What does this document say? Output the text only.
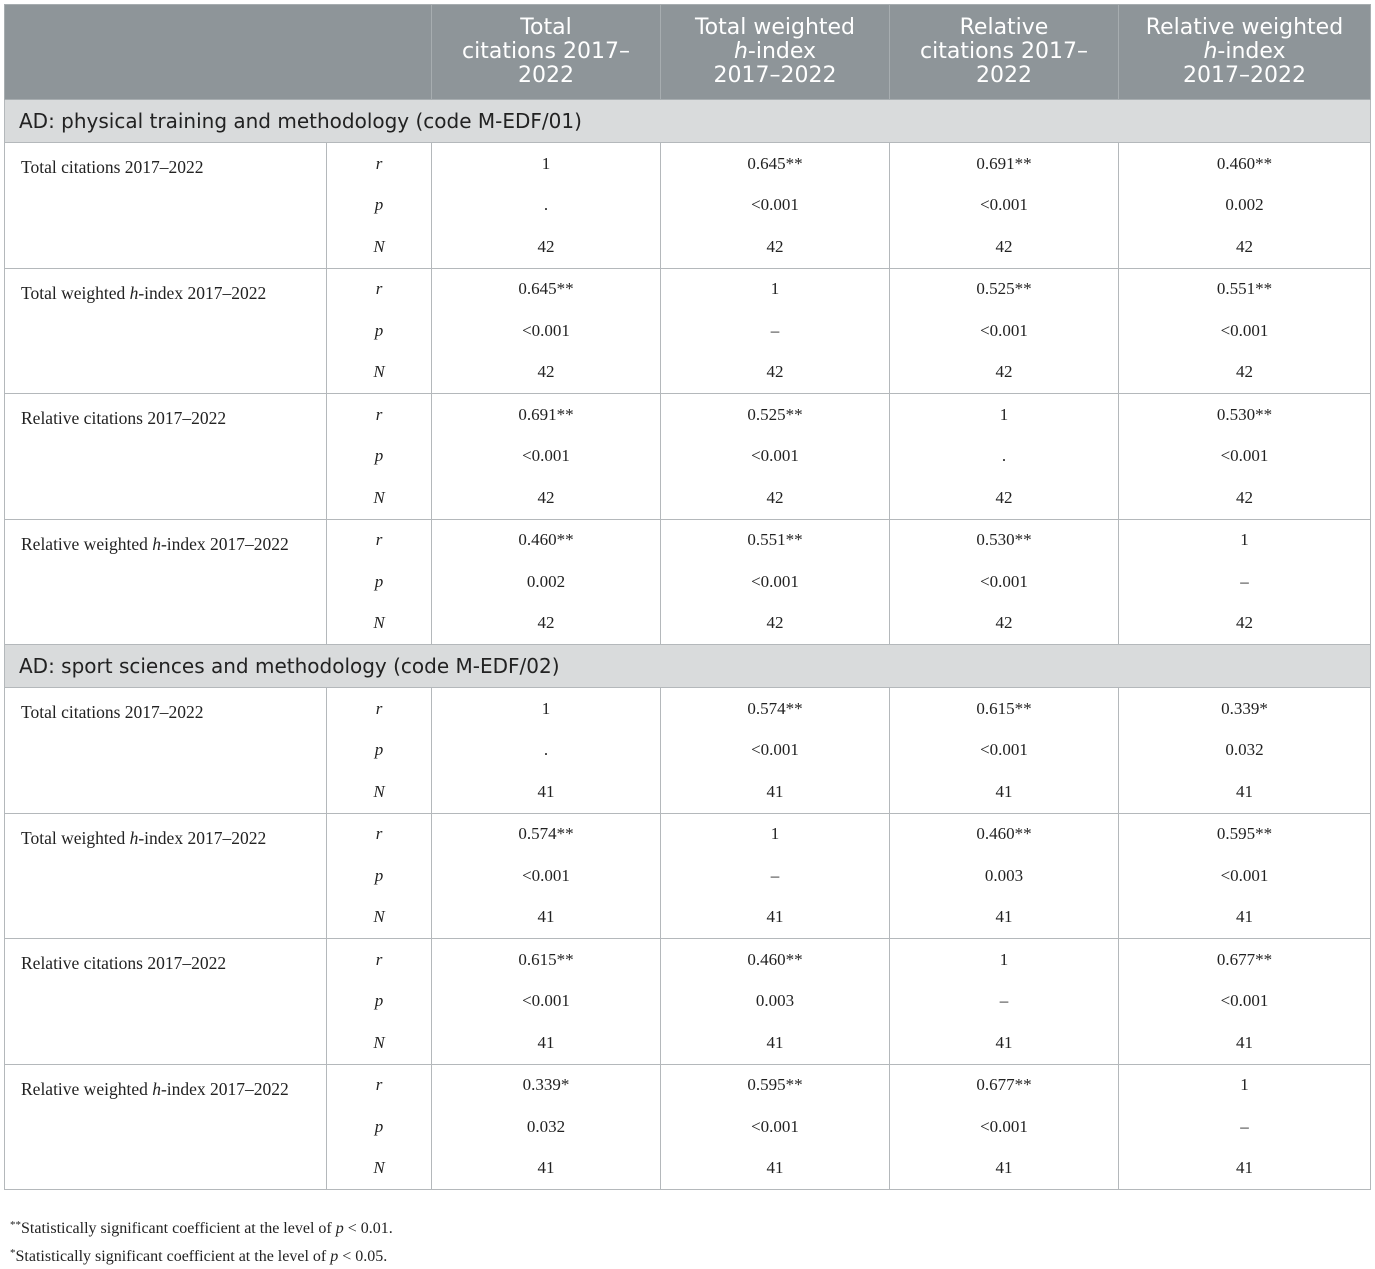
		Total
citations 2017–
2022	Total weighted
h-index
2017–2022	Relative
citations 2017–
2022	Relative weighted
h-index
2017–2022
AD: physical training and methodology (code M-EDF/01)					
Total citations 2017–2022	r	1	0.645**	0.691**	0.460**
	p	.	<0.001	<0.001	0.002
	N	42	42	42	42
Total weighted h-index 2017–2022	r	0.645**	1	0.525**	0.551**
	p	<0.001	–	<0.001	<0.001
	N	42	42	42	42
Relative citations 2017–2022	r	0.691**	0.525**	1	0.530**
	p	<0.001	<0.001	.	<0.001
	N	42	42	42	42
Relative weighted h-index 2017–2022	r	0.460**	0.551**	0.530**	1
	p	0.002	<0.001	<0.001	–
	N	42	42	42	42
AD: sport sciences and methodology (code M-EDF/02)					
Total citations 2017–2022	r	1	0.574**	0.615**	0.339*
	p	.	<0.001	<0.001	0.032
	N	41	41	41	41
Total weighted h-index 2017–2022	r	0.574**	1	0.460**	0.595**
	p	<0.001	–	0.003	<0.001
	N	41	41	41	41
Relative citations 2017–2022	r	0.615**	0.460**	1	0.677**
	p	<0.001	0.003	–	<0.001
	N	41	41	41	41
Relative weighted h-index 2017–2022	r	0.339*	0.595**	0.677**	1
	p	0.032	<0.001	<0.001	–
	N	41	41	41	41
**Statistically significant coefficient at the level of p < 0.01.
*Statistically significant coefficient at the level of p < 0.05.
